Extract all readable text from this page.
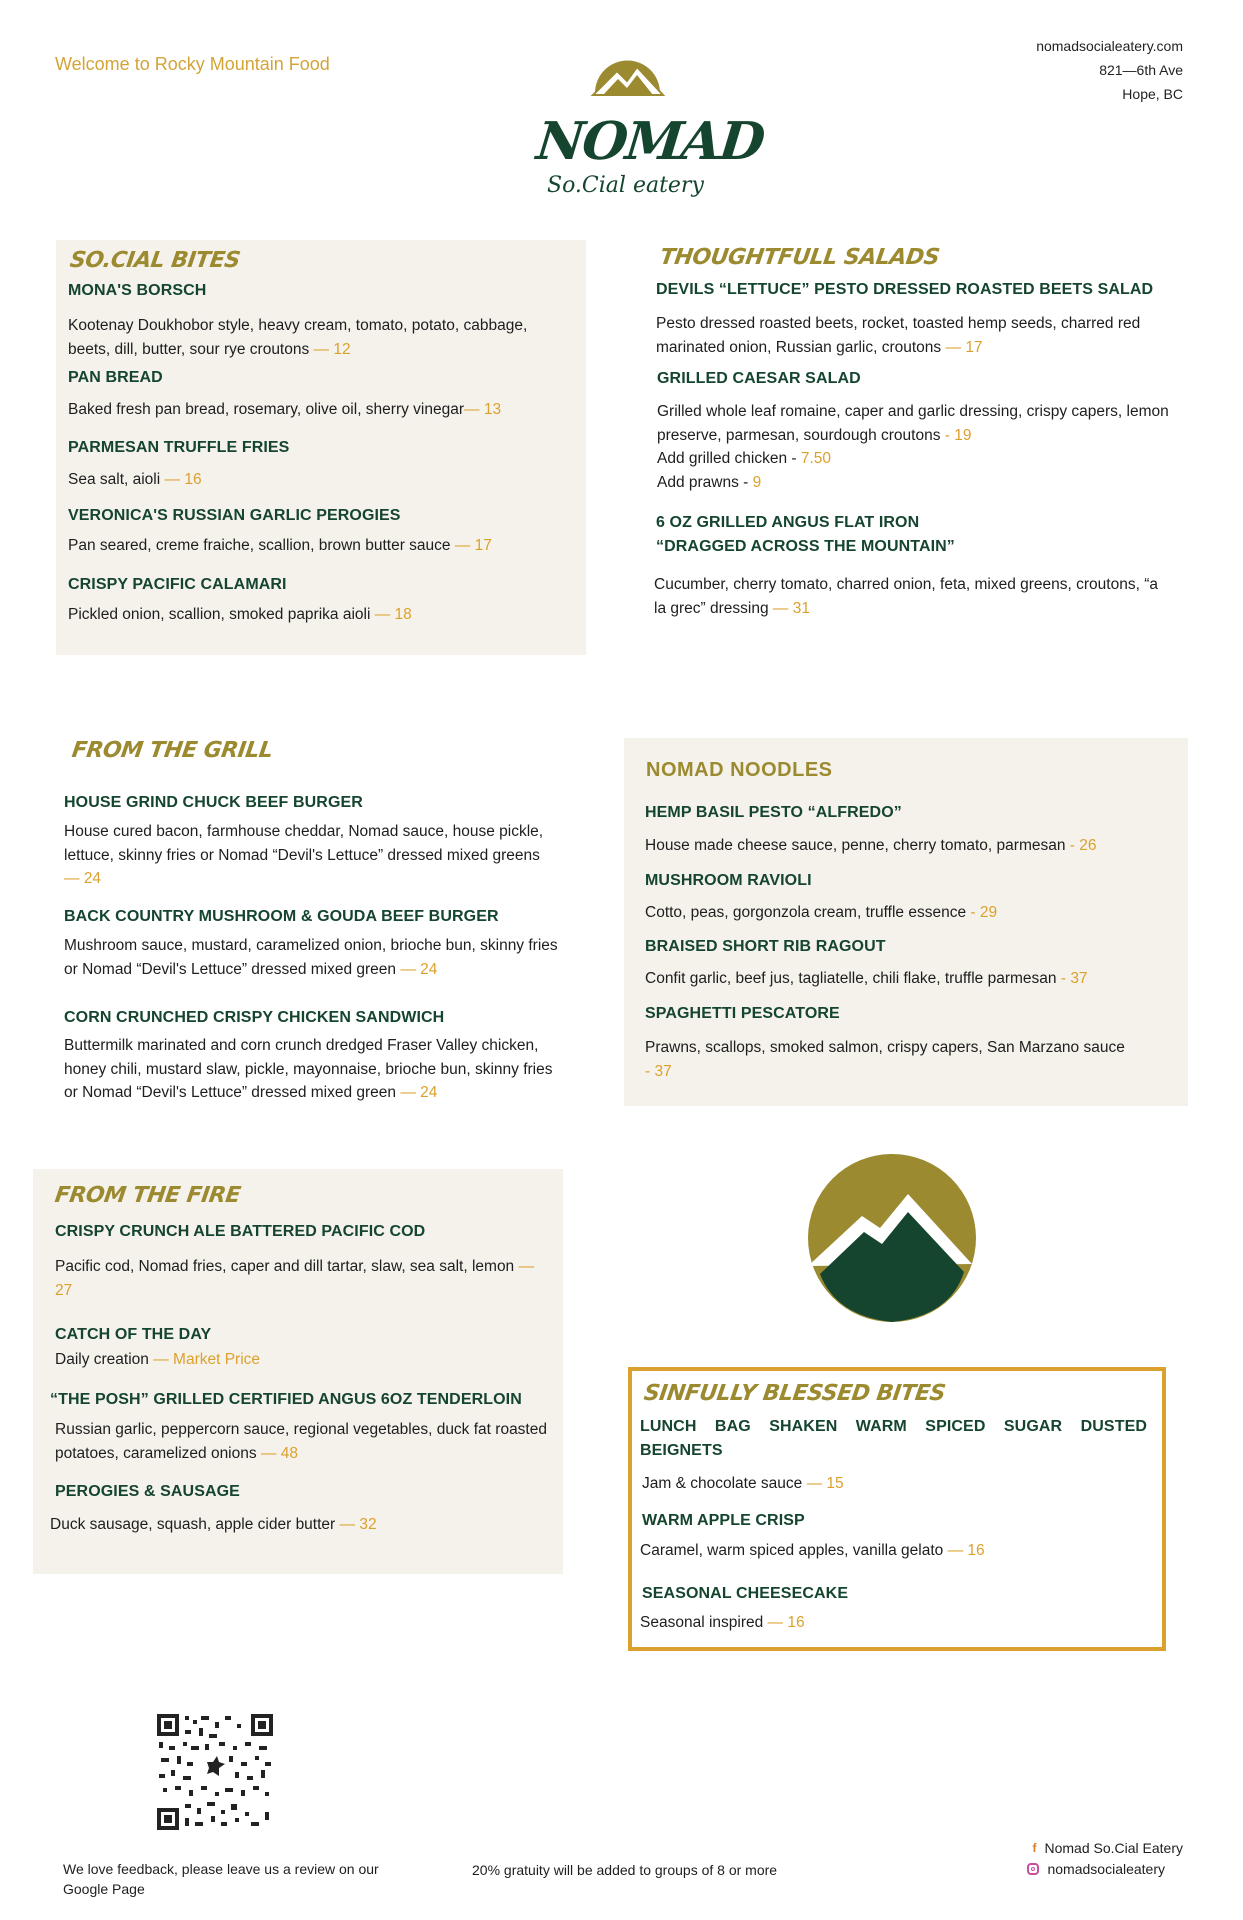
Welcome to Rocky Mountain Food
nomadsocialeatery.com
821—6th Ave
Hope, BC
NOMAD
So.Cial eatery
SO.CIAL BITES
MONA'S BORSCH
Kootenay Doukhobor style, heavy cream, tomato, potato, cabbage, beets, dill, butter, sour rye croutons — 12
PAN BREAD
Baked fresh pan bread, rosemary, olive oil, sherry vinegar— 13
PARMESAN TRUFFLE FRIES
Sea salt, aioli — 16
VERONICA'S RUSSIAN GARLIC PEROGIES
Pan seared, creme fraiche, scallion, brown butter sauce — 17
CRISPY PACIFIC CALAMARI
Pickled onion, scallion, smoked paprika aioli — 18
THOUGHTFULL SALADS
DEVILS “LETTUCE” PESTO DRESSED ROASTED BEETS SALAD
Pesto dressed roasted beets, rocket, toasted hemp seeds, charred red marinated onion, Russian garlic, croutons — 17
GRILLED CAESAR SALAD
Grilled whole leaf romaine, caper and garlic dressing, crispy capers, lemon preserve, parmesan, sourdough croutons - 19
Add grilled chicken - 7.50
Add prawns - 9
6 OZ GRILLED ANGUS FLAT IRON
“DRAGGED ACROSS THE MOUNTAIN”
Cucumber, cherry tomato, charred onion, feta, mixed greens, croutons, “a la grec” dressing — 31
FROM THE GRILL
HOUSE GRIND CHUCK BEEF BURGER
House cured bacon, farmhouse cheddar, Nomad sauce, house pickle, lettuce, skinny fries or Nomad “Devil's Lettuce” dressed mixed greens — 24
BACK COUNTRY MUSHROOM & GOUDA BEEF BURGER
Mushroom sauce, mustard, caramelized onion, brioche bun, skinny fries or Nomad “Devil's Lettuce” dressed mixed green — 24
CORN CRUNCHED CRISPY CHICKEN SANDWICH
Buttermilk marinated and corn crunch dredged Fraser Valley chicken, honey chili, mustard slaw, pickle, mayonnaise, brioche bun, skinny fries or Nomad “Devil's Lettuce” dressed mixed green — 24
NOMAD NOODLES
HEMP BASIL PESTO “ALFREDO”
House made cheese sauce, penne, cherry tomato, parmesan - 26
MUSHROOM RAVIOLI
Cotto, peas, gorgonzola cream, truffle essence - 29
BRAISED SHORT RIB RAGOUT
Confit garlic, beef jus, tagliatelle, chili flake, truffle parmesan - 37
SPAGHETTI PESCATORE
Prawns, scallops, smoked salmon, crispy capers, San Marzano sauce - 37
FROM THE FIRE
CRISPY CRUNCH ALE BATTERED PACIFIC COD
Pacific cod, Nomad fries, caper and dill tartar, slaw, sea salt, lemon — 27
CATCH OF THE DAY
Daily creation — Market Price
“THE POSH” GRILLED CERTIFIED ANGUS 6OZ TENDERLOIN
Russian garlic, peppercorn sauce, regional vegetables, duck fat roasted potatoes, caramelized onions — 48
PEROGIES & SAUSAGE
Duck sausage, squash, apple cider butter — 32
SINFULLY BLESSED BITES
LUNCH BAG SHAKEN WARM SPICED SUGAR DUSTED
BEIGNETS
Jam & chocolate sauce — 15
WARM APPLE CRISP
Caramel, warm spiced apples, vanilla gelato — 16
SEASONAL CHEESECAKE
Seasonal inspired — 16
We love feedback, please leave us a review on our Google Page
20% gratuity will be added to groups of 8 or more
f Nomad So.Cial Eatery
nomadsocialeatery
